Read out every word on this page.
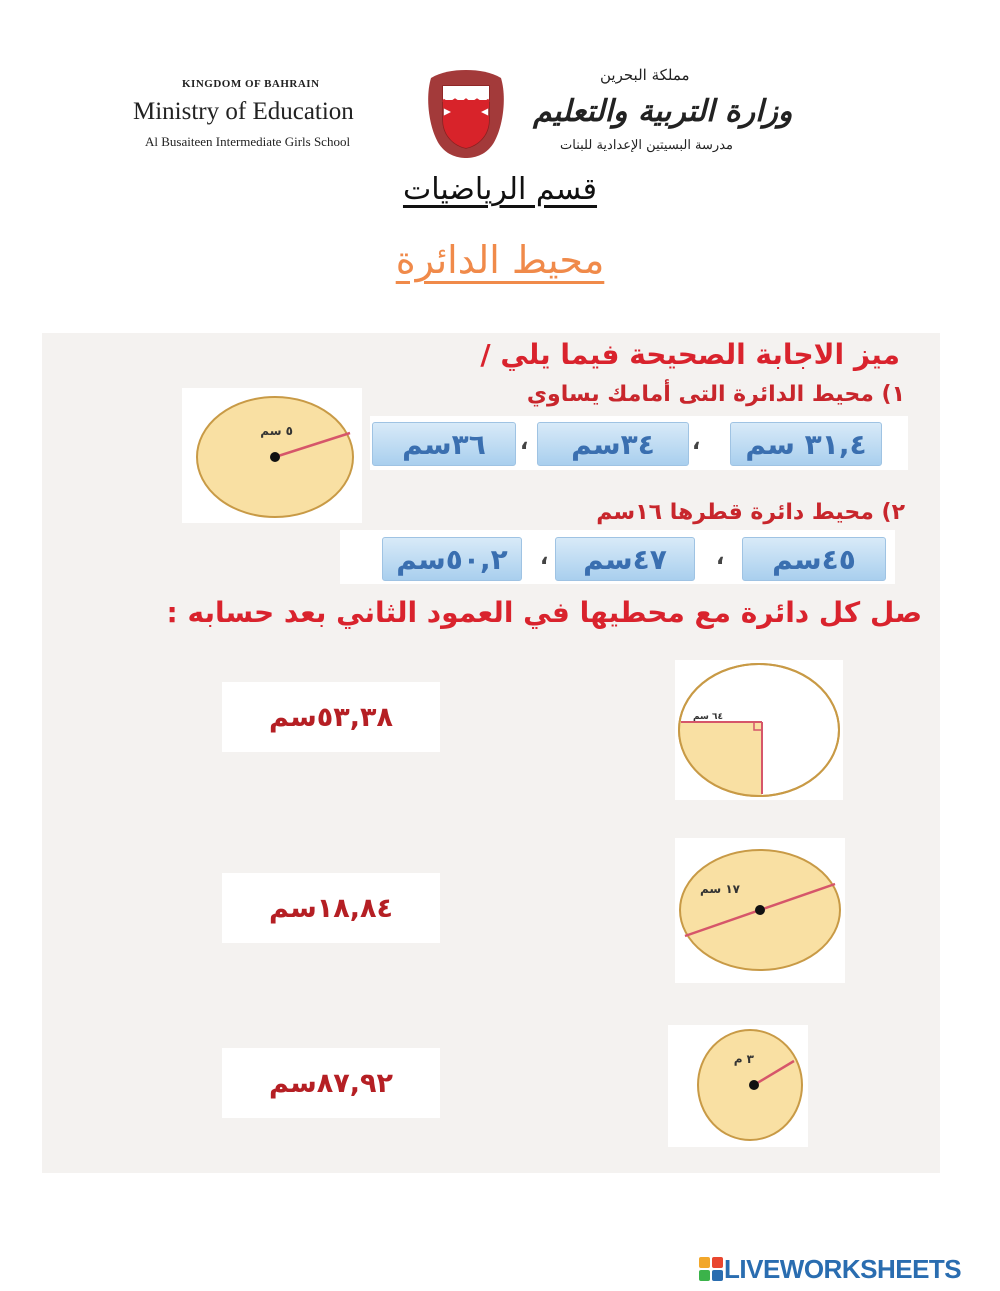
KINGDOM OF BAHRAIN
Ministry of Education
Al Busaiteen Intermediate Girls School
مملكة البحرين
وزارة التربية والتعليم
مدرسة البسيتين الإعدادية للبنات
قسم الرياضيات
محيط الدائرة
ميز الاجابة الصحيحة فيما يلي /
١) محيط الدائرة التى أمامك يساوي
٥ سم	٣١,٤ سم
،
٣٤سم
،
٣٦سم
٢) محيط دائرة قطرها ١٦سم
٤٥سم
،
٤٧سم
،
٥٠,٢سم
صل كل دائرة مع محطيها في العمود الثاني بعد حسابه :
٥٣,٣٨سم
١٨,٨٤سم
٨٧,٩٢سم
٦٤ سم
١٧ سم
٣ م
LIVEWORKSHEETS
